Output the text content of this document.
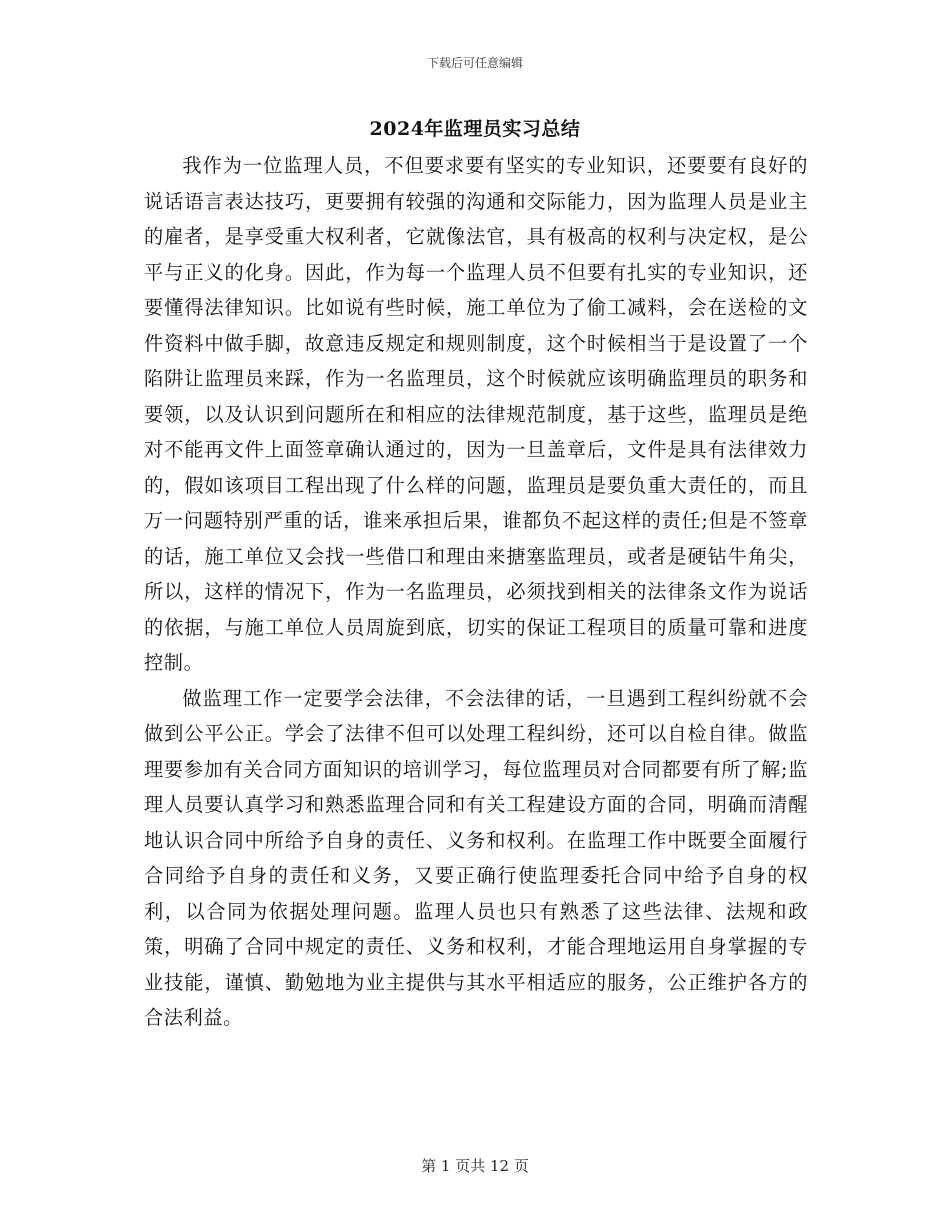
下载后可任意编辑
2024年监理员实习总结

我作为一位监理人员，不但要求要有坚实的专业知识，还要要有良好的说话语言表达技巧，更要拥有较强的沟通和交际能力，因为监理人员是业主的雇者，是享受重大权利者，它就像法官，具有极高的权利与决定权，是公平与正义的化身。因此，作为每一个监理人员不但要有扎实的专业知识，还要懂得法律知识。比如说有些时候，施工单位为了偷工减料，会在送检的文件资料中做手脚，故意违反规定和规则制度，这个时候相当于是设置了一个陷阱让监理员来踩，作为一名监理员，这个时候就应该明确监理员的职务和要领，以及认识到问题所在和相应的法律规范制度，基于这些，监理员是绝对不能再文件上面签章确认通过的，因为一旦盖章后，文件是具有法律效力的，假如该项目工程出现了什么样的问题，监理员是要负重大责任的，而且万一问题特别严重的话，谁来承担后果，谁都负不起这样的责任;但是不签章的话，施工单位又会找一些借口和理由来搪塞监理员，或者是硬钻牛角尖，所以，这样的情况下，作为一名监理员，必须找到相关的法律条文作为说话的依据，与施工单位人员周旋到底，切实的保证工程项目的质量可靠和进度控制。

做监理工作一定要学会法律，不会法律的话，一旦遇到工程纠纷就不会做到公平公正。学会了法律不但可以处理工程纠纷，还可以自检自律。做监理要参加有关合同方面知识的培训学习，每位监理员对合同都要有所了解;监理人员要认真学习和熟悉监理合同和有关工程建设方面的合同，明确而清醒地认识合同中所给予自身的责任、义务和权利。在监理工作中既要全面履行合同给予自身的责任和义务，又要正确行使监理委托合同中给予自身的权利，以合同为依据处理问题。监理人员也只有熟悉了这些法律、法规和政策，明确了合同中规定的责任、义务和权利，才能合理地运用自身掌握的专业技能，谨慎、勤勉地为业主提供与其水平相适应的服务，公正维护各方的合法利益。

第 1 页共 12 页
